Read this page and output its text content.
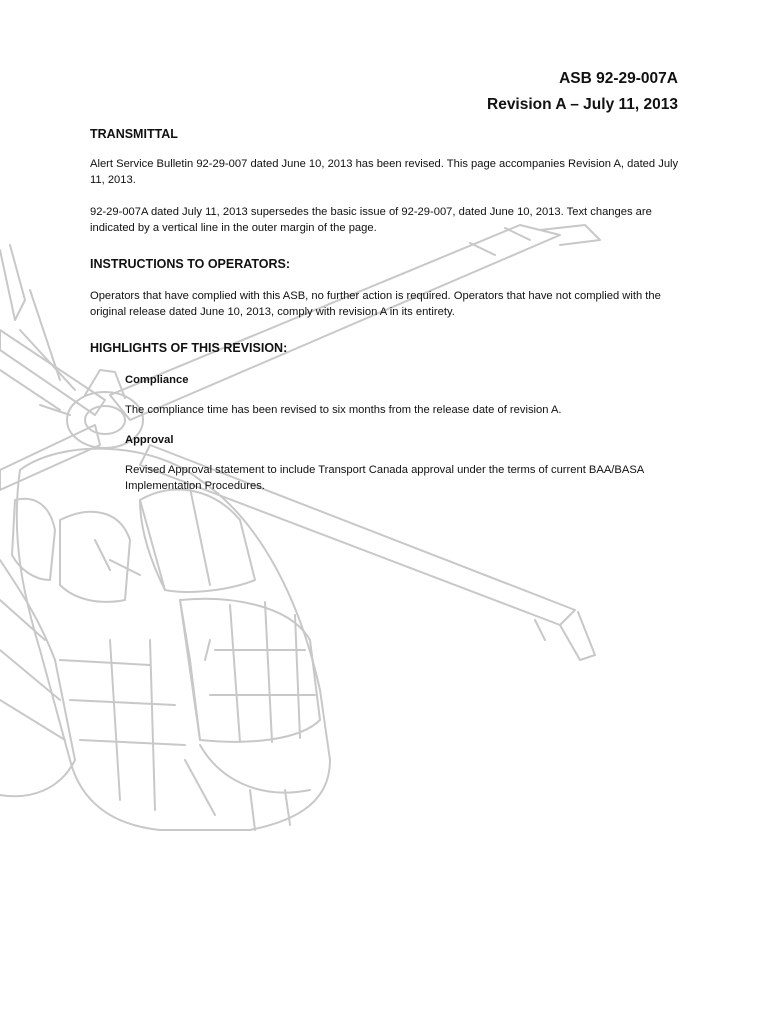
ASB 92-29-007A
Revision A – July 11, 2013
TRANSMITTAL
Alert Service Bulletin 92-29-007 dated June 10, 2013 has been revised. This page accompanies Revision A, dated July 11, 2013.
92-29-007A dated July 11, 2013 supersedes the basic issue of 92-29-007, dated June 10, 2013. Text changes are indicated by a vertical line in the outer margin of the page.
INSTRUCTIONS TO OPERATORS:
Operators that have complied with this ASB, no further action is required. Operators that have not complied with the original release dated June 10, 2013, comply with revision A in its entirety.
HIGHLIGHTS OF THIS REVISION:
Compliance
The compliance time has been revised to six months from the release date of revision A.
Approval
Revised Approval statement to include Transport Canada approval under the terms of current BAA/BASA Implementation Procedures.
